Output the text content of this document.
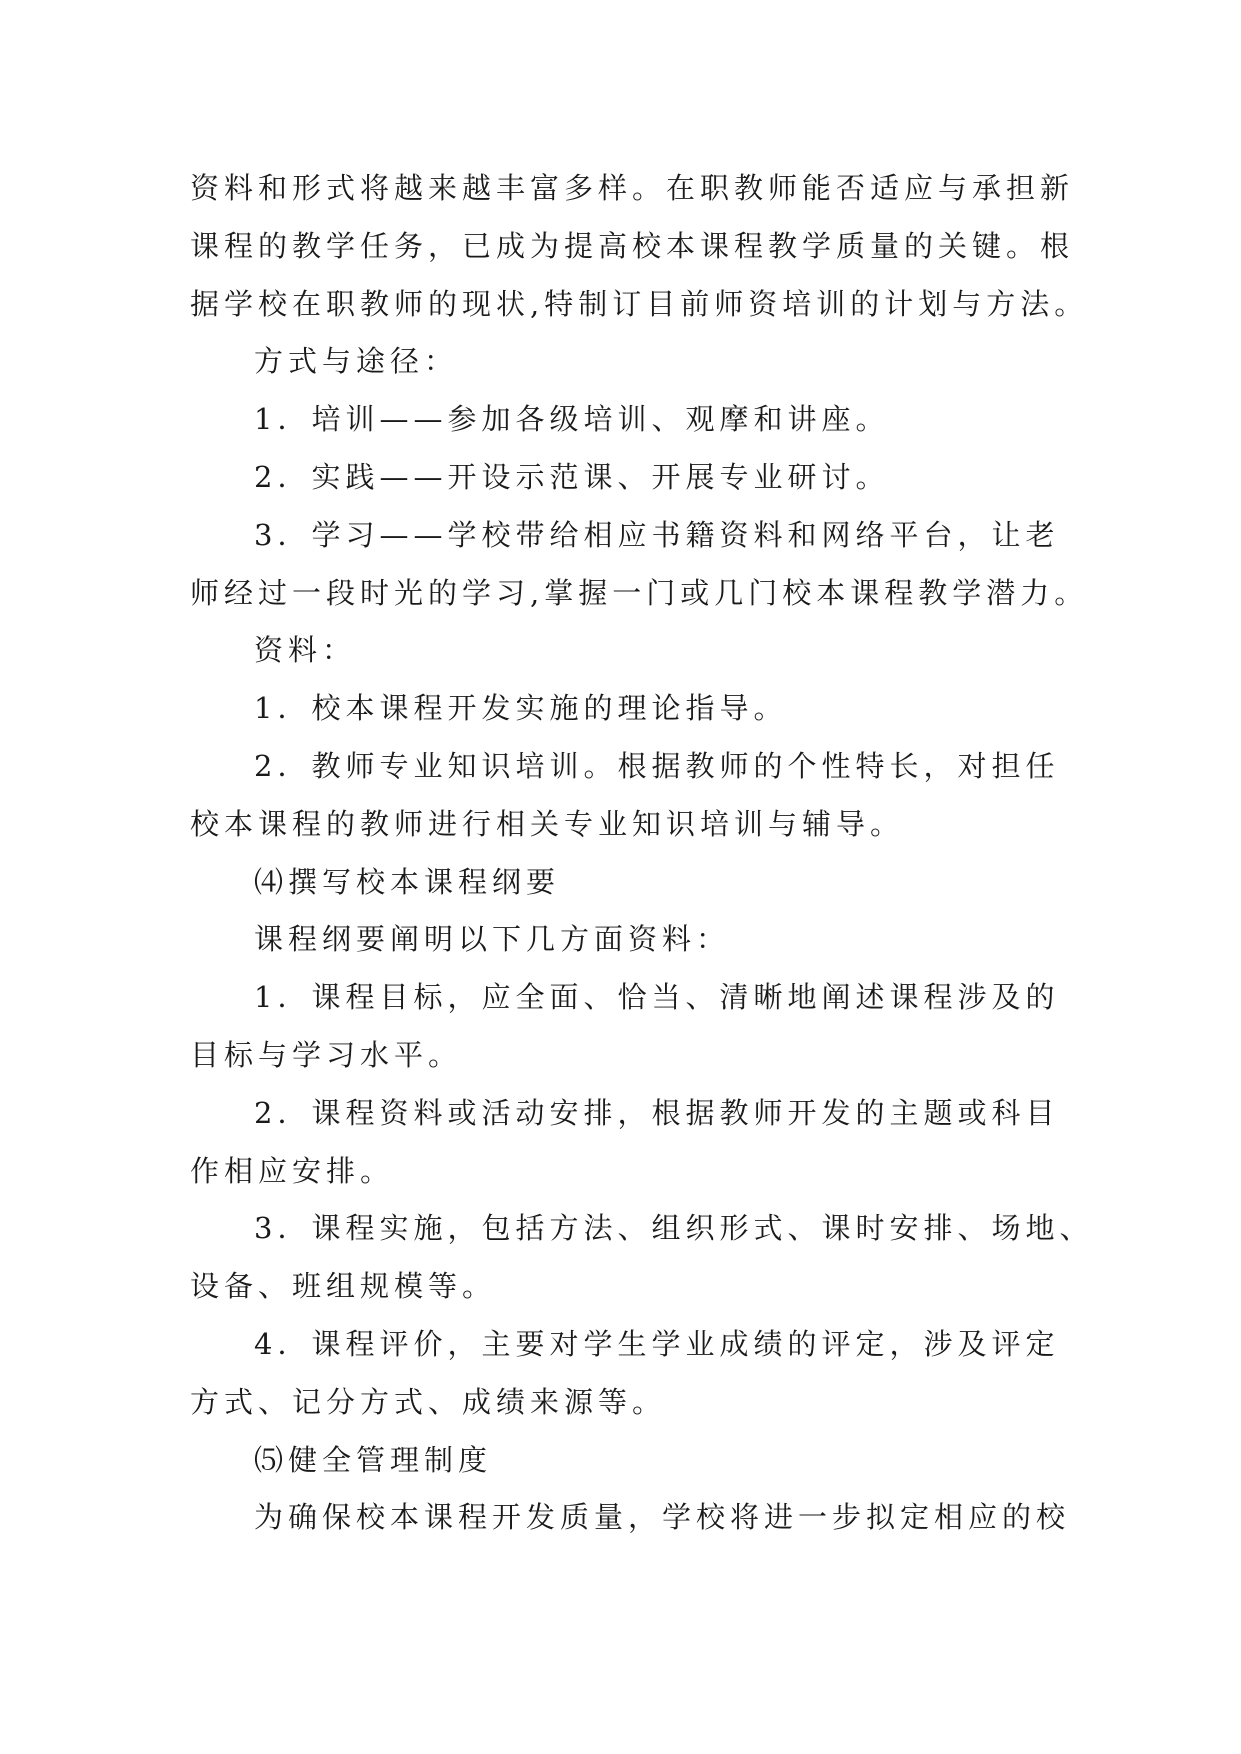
资料和形式将越来越丰富多样。在职教师能否适应与承担新
课程的教学任务，已成为提高校本课程教学质量的关键。根
据学校在职教师的现状,特制订目前师资培训的计划与方法。
方式与途径：
1．培训——参加各级培训、观摩和讲座。
2．实践——开设示范课、开展专业研讨。
3．学习——学校带给相应书籍资料和网络平台，让老
师经过一段时光的学习,掌握一门或几门校本课程教学潜力。
资料：
1．校本课程开发实施的理论指导。
2．教师专业知识培训。根据教师的个性特长，对担任
校本课程的教师进行相关专业知识培训与辅导。
⑷撰写校本课程纲要
课程纲要阐明以下几方面资料：
1．课程目标，应全面、恰当、清晰地阐述课程涉及的
目标与学习水平。
2．课程资料或活动安排，根据教师开发的主题或科目
作相应安排。
3．课程实施，包括方法、组织形式、课时安排、场地、
设备、班组规模等。
4．课程评价，主要对学生学业成绩的评定，涉及评定
方式、记分方式、成绩来源等。
⑸健全管理制度
为确保校本课程开发质量，学校将进一步拟定相应的校
